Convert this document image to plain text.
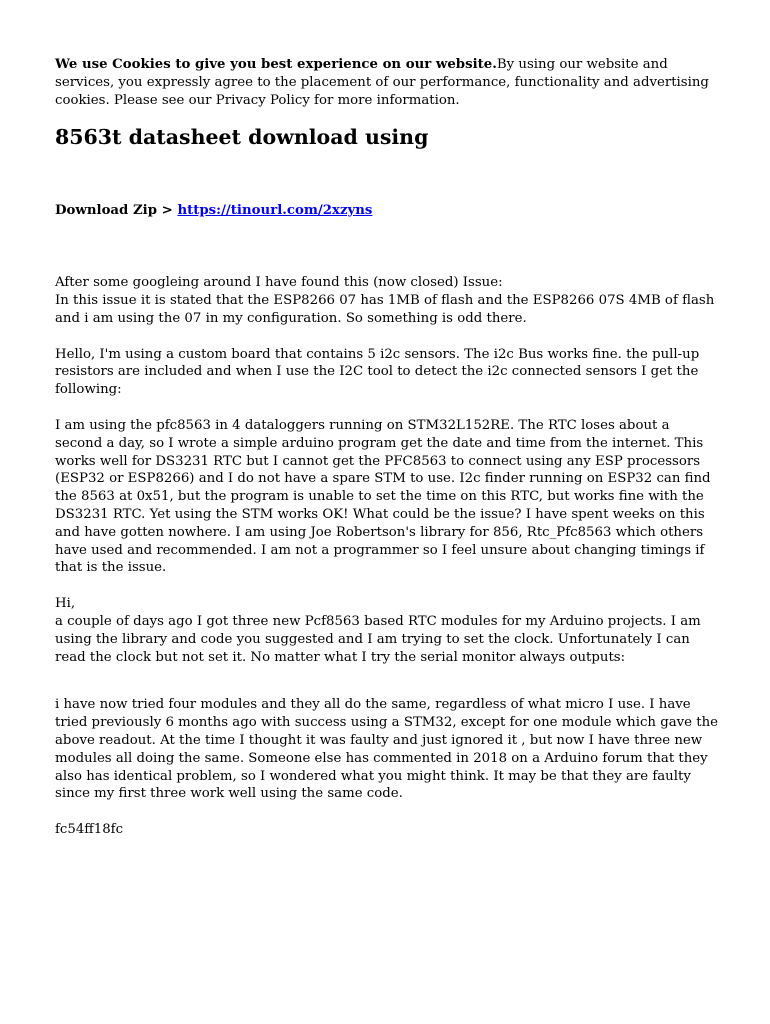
We use Cookies to give you best experience on our website.By using our website and services, you expressly agree to the placement of our performance, functionality and advertising cookies. Please see our Privacy Policy for more information.

8563t datasheet download using

Download Zip > https://tinourl.com/2xzyns

After some googleing around I have found this (now closed) Issue:

In this issue it is stated that the ESP8266 07 has 1MB of flash and the ESP8266 07S 4MB of flash and i am using the 07 in my configuration. So something is odd there.

Hello, I'm using a custom board that contains 5 i2c sensors. The i2c Bus works fine. the pull-up resistors are included and when I use the I2C tool to detect the i2c connected sensors I get the following:

I am using the pfc8563 in 4 dataloggers running on STM32L152RE. The RTC loses about a second a day, so I wrote a simple arduino program get the date and time from the internet. This works well for DS3231 RTC but I cannot get the PFC8563 to connect using any ESP processors (ESP32 or ESP8266) and I do not have a spare STM to use. I2c finder running on ESP32 can find the 8563 at 0x51, but the program is unable to set the time on this RTC, but works fine with the DS3231 RTC. Yet using the STM works OK! What could be the issue? I have spent weeks on this and have gotten nowhere. I am using Joe Robertson's library for 856, Rtc_Pfc8563 which others have used and recommended. I am not a programmer so I feel unsure about changing timings if that is the issue.

Hi,

a couple of days ago I got three new Pcf8563 based RTC modules for my Arduino projects. I am using the library and code you suggested and I am trying to set the clock. Unfortunately I can read the clock but not set it. No matter what I try the serial monitor always outputs:

i have now tried four modules and they all do the same, regardless of what micro I use. I have tried previously 6 months ago with success using a STM32, except for one module which gave the above readout. At the time I thought it was faulty and just ignored it , but now I have three new modules all doing the same. Someone else has commented in 2018 on a Arduino forum that they also has identical problem, so I wondered what you might think. It may be that they are faulty since my first three work well using the same code.

fc54ff18fc
